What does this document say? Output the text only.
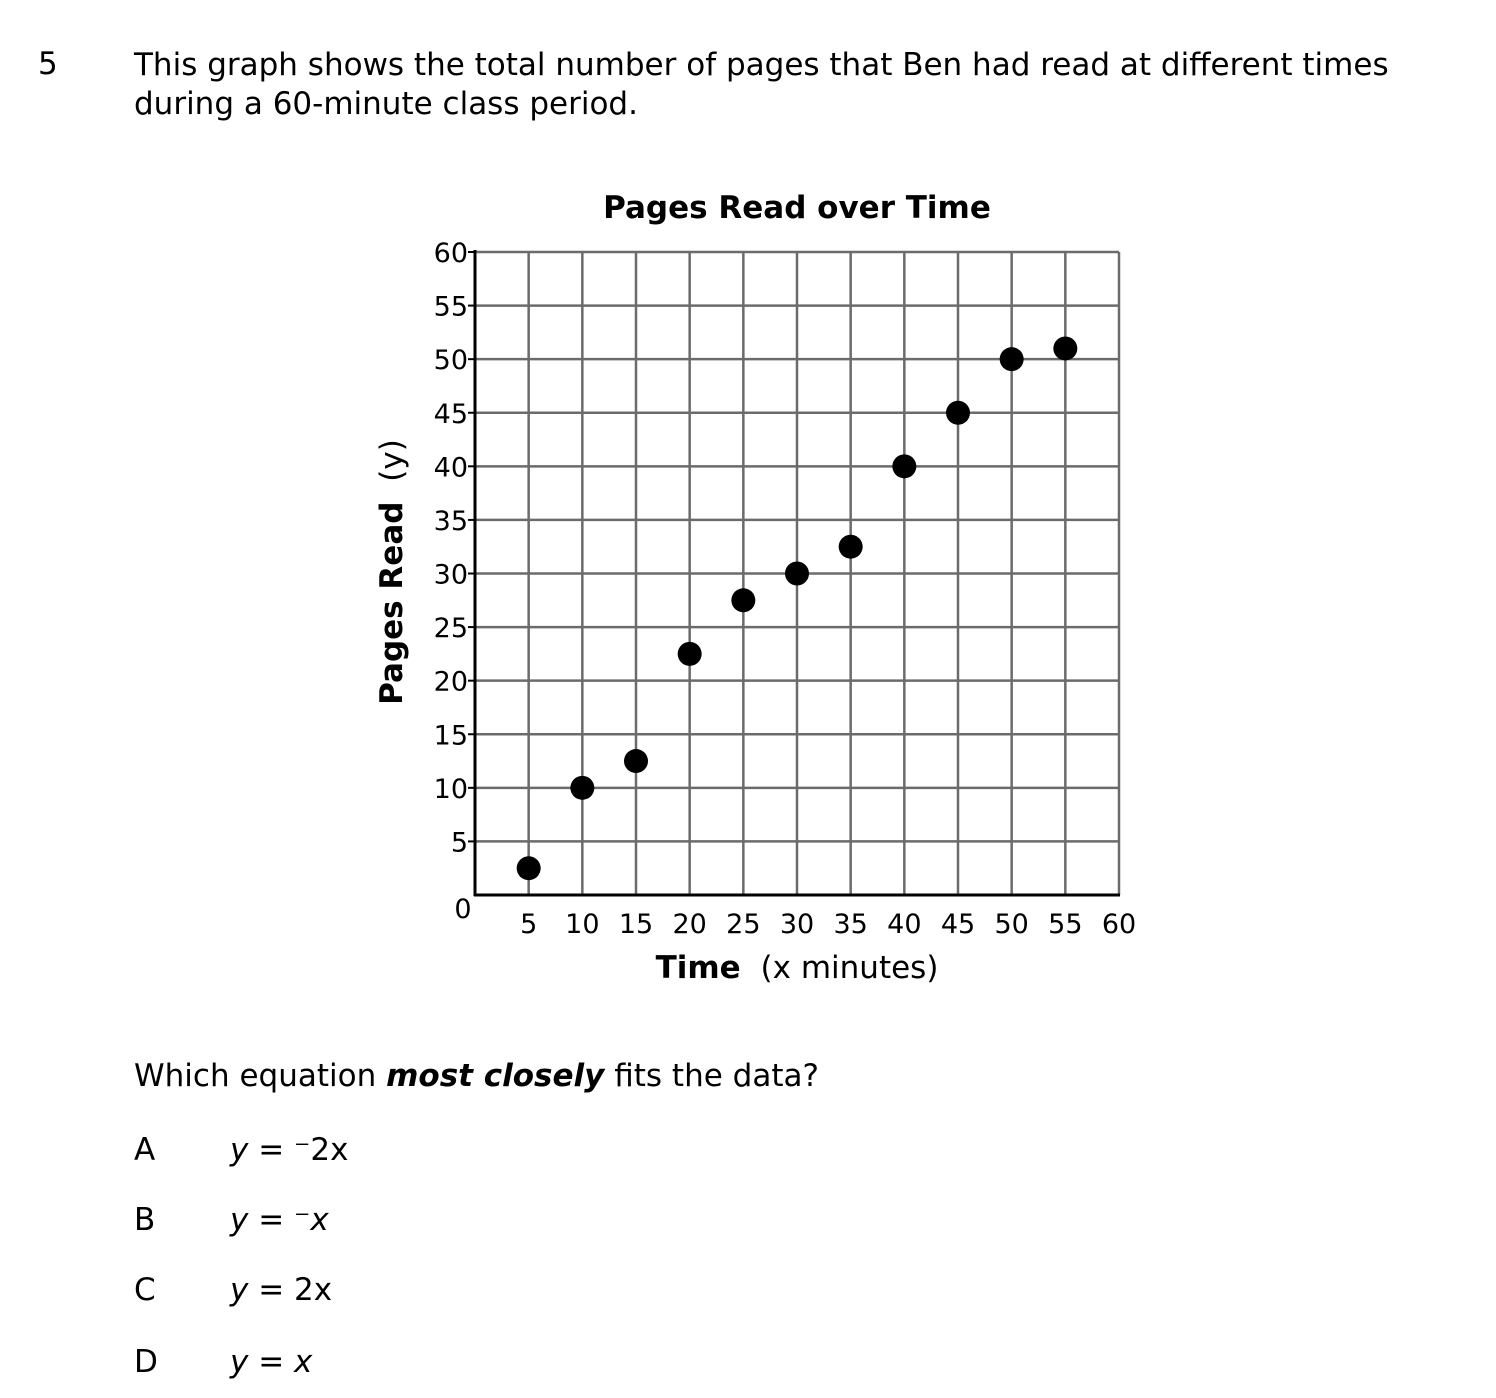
5 This graph shows the total number of pages that Ben had read at different times
during a 60-minute class period.
Pages Read over Time
5
10
15
20
25
30
35
40
45
50
55
60
5 10 15 20 25 30 35 40 45 50 55 60
0
Time (x minutes)
Pages Read (y)
Which equation most closely fits the data?
A	y = ⁻2x
B	y = ⁻x
C	y = 2x
D	y = x
